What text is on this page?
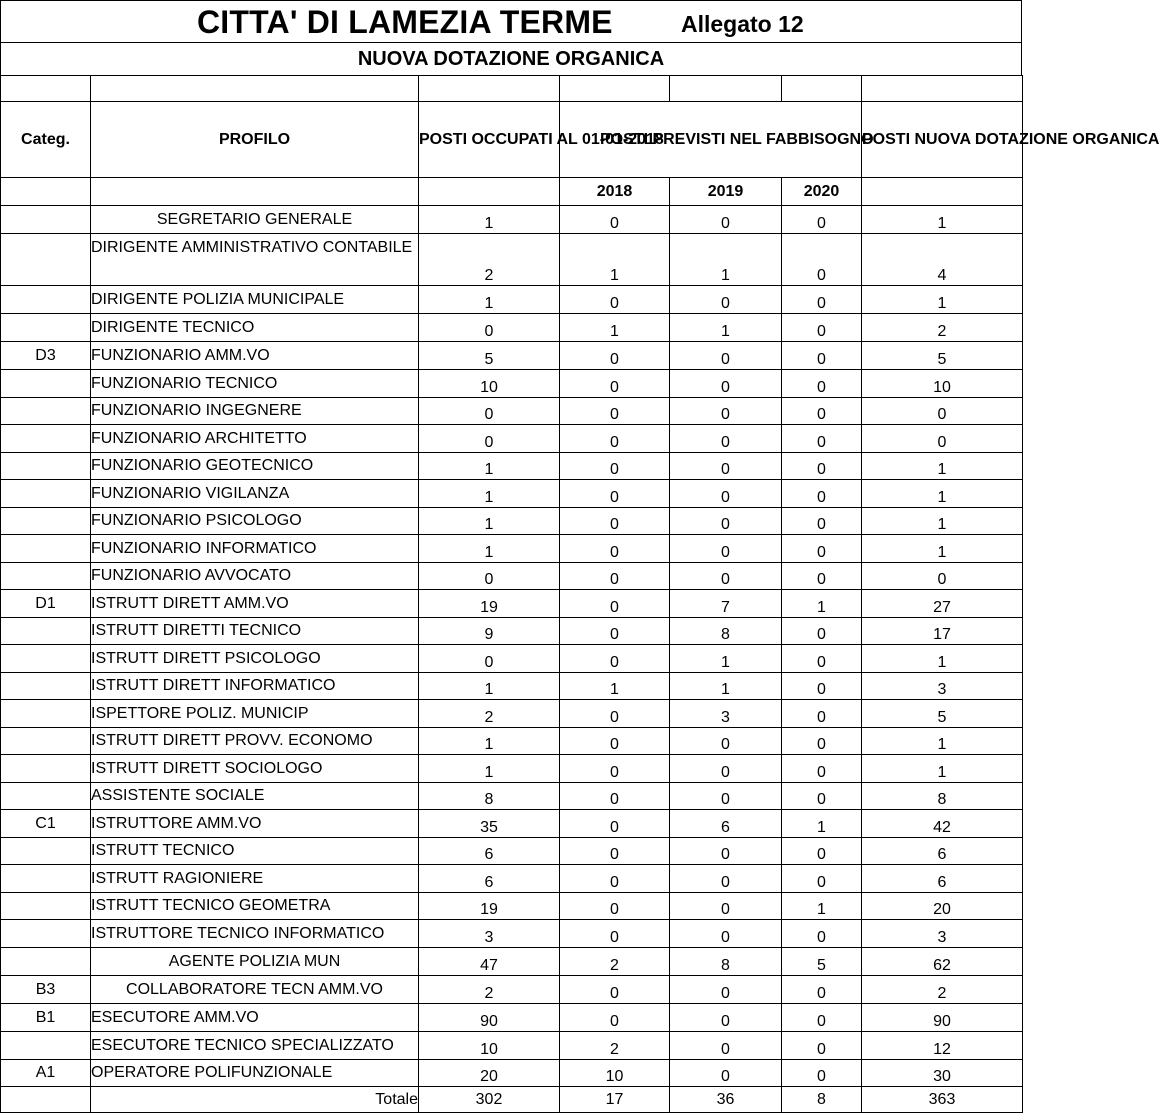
CITTA' DI LAMEZIA TERME	Allegato 12
NUOVA DOTAZIONE ORGANICA

Categ.	PROFILO	POSTI OCCUPATI AL 01-01-2018	POSTI PREVISTI NEL FABBISOGNO			POSTI NUOVA DOTAZIONE ORGANICA
			2018	2019	2020	
	SEGRETARIO GENERALE	1	0	0	0	1
	DIRIGENTE AMMINISTRATIVO CONTABILE	2	1	1	0	4
	DIRIGENTE POLIZIA MUNICIPALE	1	0	0	0	1
	DIRIGENTE TECNICO	0	1	1	0	2
D3	FUNZIONARIO AMM.VO	5	0	0	0	5
	FUNZIONARIO TECNICO	10	0	0	0	10
	FUNZIONARIO INGEGNERE	0	0	0	0	0
	FUNZIONARIO ARCHITETTO	0	0	0	0	0
	FUNZIONARIO GEOTECNICO	1	0	0	0	1
	FUNZIONARIO VIGILANZA	1	0	0	0	1
	FUNZIONARIO PSICOLOGO	1	0	0	0	1
	FUNZIONARIO INFORMATICO	1	0	0	0	1
	FUNZIONARIO AVVOCATO	0	0	0	0	0
D1	ISTRUTT DIRETT AMM.VO	19	0	7	1	27
	ISTRUTT DIRETTI TECNICO	9	0	8	0	17
	ISTRUTT DIRETT PSICOLOGO	0	0	1	0	1
	ISTRUTT DIRETT INFORMATICO	1	1	1	0	3
	ISPETTORE POLIZ. MUNICIP	2	0	3	0	5
	ISTRUTT DIRETT PROVV. ECONOMO	1	0	0	0	1
	ISTRUTT DIRETT SOCIOLOGO	1	0	0	0	1
	ASSISTENTE SOCIALE	8	0	0	0	8
C1	ISTRUTTORE AMM.VO	35	0	6	1	42
	ISTRUTT TECNICO	6	0	0	0	6
	ISTRUTT RAGIONIERE	6	0	0	0	6
	ISTRUTT TECNICO GEOMETRA	19	0	0	1	20
	ISTRUTTORE TECNICO INFORMATICO	3	0	0	0	3
	AGENTE POLIZIA MUN	47	2	8	5	62
B3	COLLABORATORE TECN AMM.VO	2	0	0	0	2
B1	ESECUTORE AMM.VO	90	0	0	0	90
	ESECUTORE TECNICO SPECIALIZZATO	10	2	0	0	12
A1	OPERATORE POLIFUNZIONALE	20	10	0	0	30
	Totale	302	17	36	8	363
